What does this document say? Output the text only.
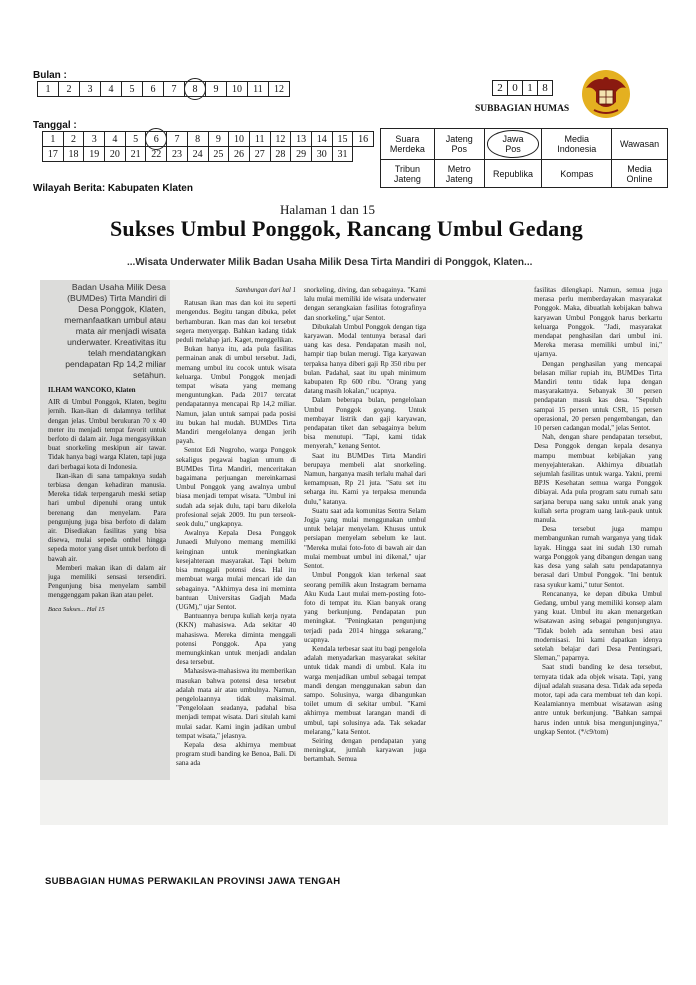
Bulan :
1	2	3	4	5	6	7	8	9	10	11	12
Tanggal :
1	2	3	4	5	6	7	8	9	10	11	12	13	14	15	16
17	18	19	20	21	22	23	24	25	26	27	28	29	30	31	
Wilayah Berita: Kabupaten Klaten
2	0	1	8
SUBBAGIAN HUMAS
Suara Merdeka	Jateng Pos	Jawa Pos	Media Indonesia	Wawasan
Tribun Jateng	Metro Jateng	Republika	Kompas	Media Online
Halaman 1 dan 15
Sukses Umbul Ponggok, Rancang Umbul Gedang
...Wisata Underwater Milik Badan Usaha Milik Desa Tirta Mandiri di Ponggok, Klaten...
Badan Usaha Milik Desa (BUMDes) Tirta Mandiri di Desa Ponggok, Klaten, memanfaatkan umbul atau mata air menjadi wisata underwater. Kreativitas itu telah mendatangkan pendapatan Rp 14,2 miliar setahun.

ILHAM WANCOKO, Klaten

AIR di Umbul Ponggok, Klaten, begitu jernih. Ikan-ikan di dalamnya terlihat dengan jelas. Umbul berukuran 70 x 40 meter itu menjadi tempat favorit untuk berfoto di dalam air. Juga mengasyikkan buat snorkeling meskipun air tawar. Tidak hanya bagi warga Klaten, tapi juga dari berbagai kota di Indonesia.

Ikan-ikan di sana tampaknya sudah terbiasa dengan kehadiran manusia. Mereka tidak terpengaruh meski setiap hari umbul dipenuhi orang untuk berenang dan menyelam. Para pengunjung juga bisa berfoto di dalam air. Disediakan fasilitas yang bisa disewa, mulai sepeda onthel hingga sepeda motor yang diset untuk berfoto di bawah air.

Memberi makan ikan di dalam air juga memiliki sensasi tersendiri. Pengunjung bisa menyelam sambil menggenggam pakan ikan atau pelet.

Baca Sukses... Hal 15

Sambungan dari hal 1

Ratusan ikan mas dan koi itu seperti mengendus. Begitu tangan dibuka, pelet berhamburan. Ikan mas dan koi tersebut segera menyergap. Bahkan kadang tidak peduli melahap jari. Kaget, menggelikan.

Bukan hanya itu, ada pula fasilitas permainan anak di umbul tersebut. Jadi, memang umbul itu cocok untuk wisata keluarga. Umbul Ponggok menjadi tempat wisata yang memang menguntungkan. Pada 2017 tercatat pendapatannya mencapai Rp 14,2 miliar. Namun, jalan untuk sampai pada posisi itu bukan hal mudah. BUMDes Tirta Mandiri mengelolanya dengan jerih payah.

Sentot Edi Nugroho, warga Ponggok sekaligus pegawai bagian umum di BUMDes Tirta Mandiri, menceritakan bagaimana perjuangan mereinkarnasi Umbul Ponggok yang awalnya umbul biasa menjadi tempat wisata. "Umbul ini sudah ada sejak dulu, tapi baru dikelola profesional sejak 2009. Itu pun terseok-seok dulu," ungkapnya.

Awalnya Kepala Desa Ponggok Junaedi Mulyono memang memiliki keinginan untuk meningkatkan kesejahteraan masyarakat. Tapi belum bisa menggali potensi desa. Hal itu membuat warga mulai mencari ide dan sebagainya. "Akhirnya desa ini meminta bantuan Universitas Gadjah Mada (UGM)," ujar Sentot.

Bantuannya berupa kuliah kerja nyata (KKN) mahasiswa. Ada sekitar 40 mahasiswa. Mereka diminta menggali potensi Ponggok. Apa yang memungkinkan untuk menjadi andalan desa tersebut.

Mahasiswa-mahasiswa itu memberikan masukan bahwa potensi desa tersebut adalah mata air atau umbulnya. Namun, pengelolaannya tidak maksimal. "Pengelolaan seadanya, padahal bisa menjadi tempat wisata. Dari situlah kami mulai sadar. Kami ingin jadikan umbul tempat wisata," jelasnya.

Kepala desa akhirnya membuat program studi banding ke Benoa, Bali. Di sana ada

snorkeling, diving, dan sebagainya. "Kami lalu mulai memiliki ide wisata underwater dengan serangkaian fasilitas fotografinya dan snorkeling," ujar Sentot.

Dibukalah Umbul Ponggok dengan tiga karyawan. Modal tentunya berasal dari uang kas desa. Pendapatan masih nol, hampir tiap bulan merugi. Tiga karyawan terpaksa hanya diberi gaji Rp 350 ribu per bulan. Padahal, saat itu upah minimum kabupaten Rp 600 ribu. "Orang yang datang masih lokalan," ucapnya.

Dalam beberapa bulan, pengelolaan Umbul Ponggok goyang. Untuk membayar listrik dan gaji karyawan, pendapatan tiket dan sebagainya belum bisa menutupi. "Tapi, kami tidak menyerah," kenang Sentot.

Saat itu BUMDes Tirta Mandiri berupaya membeli alat snorkeling. Namun, harganya masih terlalu mahal dari kemampuan, Rp 21 juta. "Satu set itu seharga itu. Kami ya terpaksa menunda dulu," katanya.

Suatu saat ada komunitas Sentra Selam Jogja yang mulai menggunakan umbul untuk belajar menyelam. Khusus untuk persiapan menyelam sebelum ke laut. "Mereka mulai foto-foto di bawah air dan mulai membuat umbul ini dikenal," ujar Sentot.

Umbul Ponggok kian terkenal saat seorang pemilik akun Instagram bernama Aku Kuda Laut mulai mem-posting foto-foto di tempat itu. Kian banyak orang yang berkunjung. Pendapatan pun meningkat. "Peningkatan pengunjung terjadi pada 2014 hingga sekarang," ucapnya.

Kendala terbesar saat itu bagi pengelola adalah menyadarkan masyarakat sekitar untuk tidak mandi di umbul. Kala itu warga menjadikan umbul sebagai tempat mandi dengan menggunakan sabun dan sampo. Solusinya, warga dibangunkan toilet umum di sekitar umbul. "Kami akhirnya membuat larangan mandi di umbul, tapi solusinya ada. Tak sekadar melarang," kata Sentot.

Seiring dengan pendapatan yang meningkat, jumlah karyawan juga bertambah. Semua

fasilitas dilengkapi. Namun, semua juga merasa perlu memberdayakan masyarakat Ponggok. Maka, dibuatlah kebijakan bahwa karyawan Umbul Ponggok harus berkartu keluarga Ponggok. "Jadi, masyarakat mendapat penghasilan dari umbul ini. Mereka merasa memiliki umbul ini," ujarnya.

Dengan penghasilan yang mencapai belasan miliar rupiah itu, BUMDes Tirta Mandiri tentu tidak lupa dengan masyarakatnya. Sebanyak 30 persen pendapatan masuk kas desa. "Sepuluh sampai 15 persen untuk CSR, 15 persen operasional, 20 persen pengembangan, dan 10 persen cadangan modal," jelas Sentot.

Nah, dengan share pendapatan tersebut, Desa Ponggok dengan kepala desanya mampu membuat kebijakan yang menyejahterakan. Akhirnya dibuatlah sejumlah fasilitas untuk warga. Yakni, premi BPJS Kesehatan semua warga Ponggok dibiayai. Ada pula program satu rumah satu sarjana berupa uang saku untuk anak yang kuliah serta program uang lauk-pauk untuk manula.

Desa tersebut juga mampu membangunkan rumah warganya yang tidak layak. Hingga saat ini sudah 130 rumah warga Ponggok yang dibangun dengan uang kas desa yang salah satu pendapatannya berasal dari Umbul Ponggok. "Ini bentuk rasa syukur kami," tutur Sentot.

Rencananya, ke depan dibuka Umbul Gedang, umbul yang memiliki konsep alam yang kuat. Umbul itu akan menargetkan wisatawan asing sebagai pengunjungnya. "Tidak boleh ada sentuhan besi atau modernisasi. Ini kami dapatkan idenya setelah belajar dari Desa Pentingsari, Sleman," paparnya.

Saat studi banding ke desa tersebut, ternyata tidak ada objek wisata. Tapi, yang dijual adalah suasana desa. Tidak ada sepeda motor, tapi ada cara membuat teh dan kopi. Kealamiannya membuat wisatawan asing antre untuk berkunjung. "Bahkan sampai harus inden untuk bisa mengunjunginya," ungkap Sentot. (*/c9/tom)

SUBBAGIAN HUMAS PERWAKILAN PROVINSI JAWA TENGAH
